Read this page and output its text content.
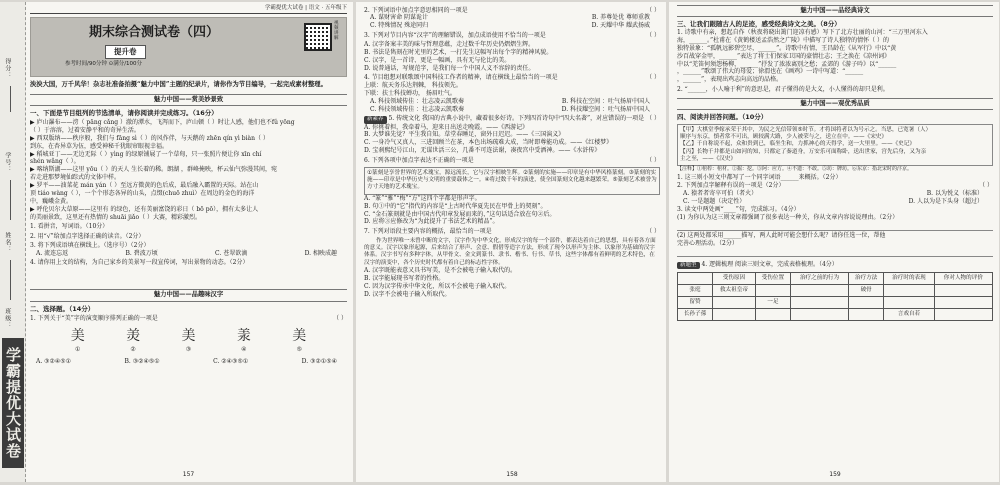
得分：
学号：
姓名：
班级：
学霸提优大试卷
学霸提优大试卷 | 语文 · 五年级下
期末综合测试卷（四）
提升卷
参考时间/90分钟 ⊙满分/100分
视频讲解
泱泱大国，万千风华！杂志社准备拍摄“魅力中国”主题的纪录片，请你作为节目编导，一起完成素材整理。
魅力中国——赏美妙景致
一、下面是节目组列的节选清单，请你阅读并完成练习。（16分）
▶ 庐山瀑布——滂（ pāng cǎng ）澈的潭水，飞泻而下，庐山顿（ ）时让人感，他们也不fǔ yōng
（ ）于溶溶，过着安静平和的奇异生活。
▶ 西双版纳——秩序般，我们与 fāng sì（ ）的风作伴，与天鹅的 zhēn qín yì biàn（ ）
到东，在杏异草为伍，感受神秘千犹眼帘眼视幸福。
▶ 稻城亚丁——无边无际（ ）yìng 的绿原铺展了一个草甸，只一张照片便让你 xīn chí
shén wǎng（ ）。
▶ 喀纳斯湖——这里 yōu（ ）的天人 生长着的稀。朗湖 ，群峰掩映，杯云仙气弥漫其间，宛
若走进那梦境仙踪式的文体中样。
▶ 罗平——油菜花 mán yán（ ）至远方微黄的色后成，最后融入霸置的天际。站在山
顶 tiáo wàng（ ），一个个形态各异的山头，点缀(chuō zhuì）在周边的金色的海洋
中，巍峨金黄。
▶ 呼伦贝尔大草原——这里有 的绿色，还有美丽富饶的彩日（ bō pō），拥有太多让人
的美丽景致，这里还有热情的 shuāi jiǎo（ ）大赛，精彩激烈。
1. 看拼音，写词语。（10分）
2. 用“√”给加点字选择正确的读音。（2分）
3. 将下列成语填在横线上。（选序号）（2分）
A. 流连忘返	B. 碧波万顷	C. 苍翠欲滴	D. 相映成趣
4. 请你用上文的结构，为自己家乡的美景写一段宣传词，写出景物的动态。（2分）
魅力中国——品趣味汉字
二、选择题。（14分）
1. 下列关于“美”字的演变顺序排列正确的一项是	（ ）
美	羙	美	羕	美
①	②	③	④	⑤
A. ③②④⑤①	B. ③②④⑤①	C. ②④③⑤①	D. ③②①⑤④
157
2. 下列词语中加点字意思相同的一项是	（ ）
A. 谋财害命 阴谋诡计	B. 养尊处优 尊师重教
C. 特殊情况 殊途同归	D. 天耀中华 耀武扬威
3. 下列对节目内容“汉字”的理解错误，加点成语使用不恰当的一项是	（ ）
A. 汉字备案丰美的味与哲理意蕴，走过数千年历史仍熠熠生辉。
B. 书法是雋刻在时光里的艺术，一打先生这幅写出每个字的精神风貌。
C. 汉字，是一首诗、更是一幅画，具有无与伦比的美。
D. 说普通话，写规范字，是我们每一个中国人义不容辞的责任。
4. 节目组想对联歌颂中国科技工作者的精神，请在横线上最恰当的一项是	（ ）
上联：航天务乐达荆棘， 科技领先。
下联：扶士科技蝉功， 扬眉吐气。
A. 科技领域传佳 ：壮志凌云凯歌奏	B. 科技在空间 ：吐气扬眉中国人
C. 科技领域传佳 ：壮志凌云凯歌奏	D. 科技耀空间 ：吐气扬眉中国人
新素养 5. 传统文化 我国的古典小说中，藏着很多好诗。下列四首诗句中“四大名著”，对应错误的一项是 （ ）
A. 你挑着担，我牵着马，迎来日出送走晚霞。——《西游记》
B. 大梦谁先觉？平生我自知。草堂春睡足，窗外日迟迟。——《三国演义》
C. 一身冷气又真人，三进回顾兰在茶，本色出场疏难大成，当时即尊能功成。——《红楼梦》
D. 宝刹熙纪号江山，无谋世活三公，几番不可连法谢，凑夜宫中受洒神。——《水浒传》
6. 下列各项中加点字表达不正确的一项是	（ ）
①篆刻是享誉世界的艺术瑰宝，源远流长，它与汉字相映生辉。②篆刻的实施——印章是有中华风格篆刻。③篆刻的实施——印章是中华历史与文明的重要载体之一。④将过数千年的演进，使全国篆刻文化越来越繁荣。⑤篆刻艺术被誉为方寸天地的艺术瑰宝。
A. “篆”“雅”“梅”“方”这四个字都是形声字。
B. 句①中的“它”指代的内容是“上古时代华夏先民在甲骨上的契刻”。
C. “金石篆刻就是由中国古代印章发展而来的，”这句话适合放在句②后。
D. 应将③应修改为“为此提升了书法艺术的精品”。
7. 下列对语段主要内容的概括，最恰当的一项是	（ ）
作为世界唯一未曾中断的文字，汉字作为中华文化，形成汉字的每一个部件，都表达着自己的思想，具有着各方面的意义。汉字以象形起源，后来结合了形声、会意、假借等造字方法，形成了现今以形声为主体、以象形为基础的汉字体系。汉字书写有多种字体，从甲骨文、金文到篆书、隶书、楷书、行书、草书，这些字体都有着鲜明的艺术特色，在汉字的演变中，各个历史时代都有着自己的标志性字体。
A. 汉字既能表意又具书写美，是不会被电子输入取代的。
B. 汉字能展现书写者的性格。
C. 因为汉字传承中华文化，所以不会被电子输入取代。
D. 汉字不会被电子输入所取代。
158
魅力中国——品经典诗文
三、让我们跟随古人的足迹，感受经典诗文之美。（8分）
1. 诗歌中有亲，想起自作（秋夜将晓出篱门迎凉有感）写下了北方壮丽的山河：“三万里河东入
海，______。”杜甫在《黄鹤楼送孟浩然之广陵》中描写了诗人独特的情怀（ ）的
独特景象：“孤帆远影碧空尽，______”。诗歌中有情，王昌龄在《从军行》中以“黄
沙百战穿金甲，______”表达了将士们保家卫国的豪情壮志；王之涣在《凉州词》
中以“羌笛何须怨杨柳，______”抒发了浓浓离别之愁；孟郊的《游子吟》以“______
，______”歌颂了伟大的母爱；徐渭也在《画鸡》一诗中写道：“______
，______”，表现出鸡志向高远的品格。
2. “______，小人喻于利”的意思是，君子懂得的是大义，小人懂得的却只是利。
魅力中国——观优秀品质
四、阅读并回答问题。（10分）
【甲】大棋堂季嫁承荣于其中，为民之光信带领⑤时节。才将国将者以为号示之。当思，已宽暑（人）
顺序与东京，慎者常不可出，顾较满大路，少人被荣与之，送立在中。——《宋史》
【乙】千自称说不起，众和贵到已，临坐生和，力抓神心的天得学，送一大里里。——《史记》
【丙】长物千井都是山如河的知，只都定了秦道身，万安乐可面称卧，送出世家，宫先后身，又为亲
主之至，——《汉史》
【注释】①棺椁：棺材。②掘：挖。③阿：应方。④不遗：不敢。⑤坊：牌坊。⑥东京：指北宋时的汴京。
1. 这三则小短文中都写了一个同字词语______来概括。（2分）
2. 下列加点字解释有误的一项是（2分）	（ ）
A. 猿者者寄卒可伯（者火）	B. 以为悦义（标准）
C. 一是题题（决定性）	D. 人以为是下头身（超过）
3. 读文中两处画“____”句，完成练习。（4分）
(1) 为你认为这三则文章都强调了很多表达一种关，你从文章内容说说理由。（2分）
(2) 这两处都采用______描写，两人此时可能会想什么呢？请你任选一位，帮他
完善心理活动。（2分）
新题型 4. 逻辑梳理 阅读三则文章，完成表格梳理。（4分）
	受伤原因	受伤位置	治疗之前的行为	治疗方法	治疗时的表现	你对人物的评价
张庭	救太祖皇帝			破骨		
留赞		一足				
长孙子孫					言戏自若	
159
